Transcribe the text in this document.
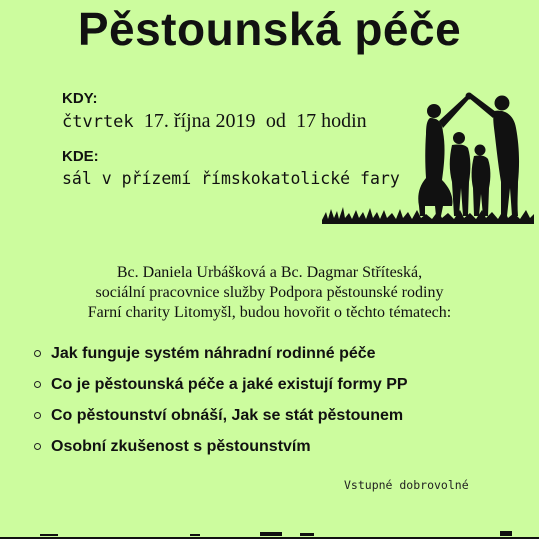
Pěstounská péče
KDY:
čtvrtek 17. října 2019 od 17 hodin
KDE:
sál v přízemí římskokatolické fary
Bc. Daniela Urbášková a Bc. Dagmar Stříteská,
sociální pracovnice služby Podpora pěstounské rodiny
Farní charity Litomyšl, budou hovořit o těchto tématech:
Jak funguje systém náhradní rodinné péče
Co je pěstounská péče a jaké existují formy PP
Co pěstounství obnáší, Jak se stát pěstounem
Osobní zkušenost s pěstounstvím
Vstupné dobrovolné
